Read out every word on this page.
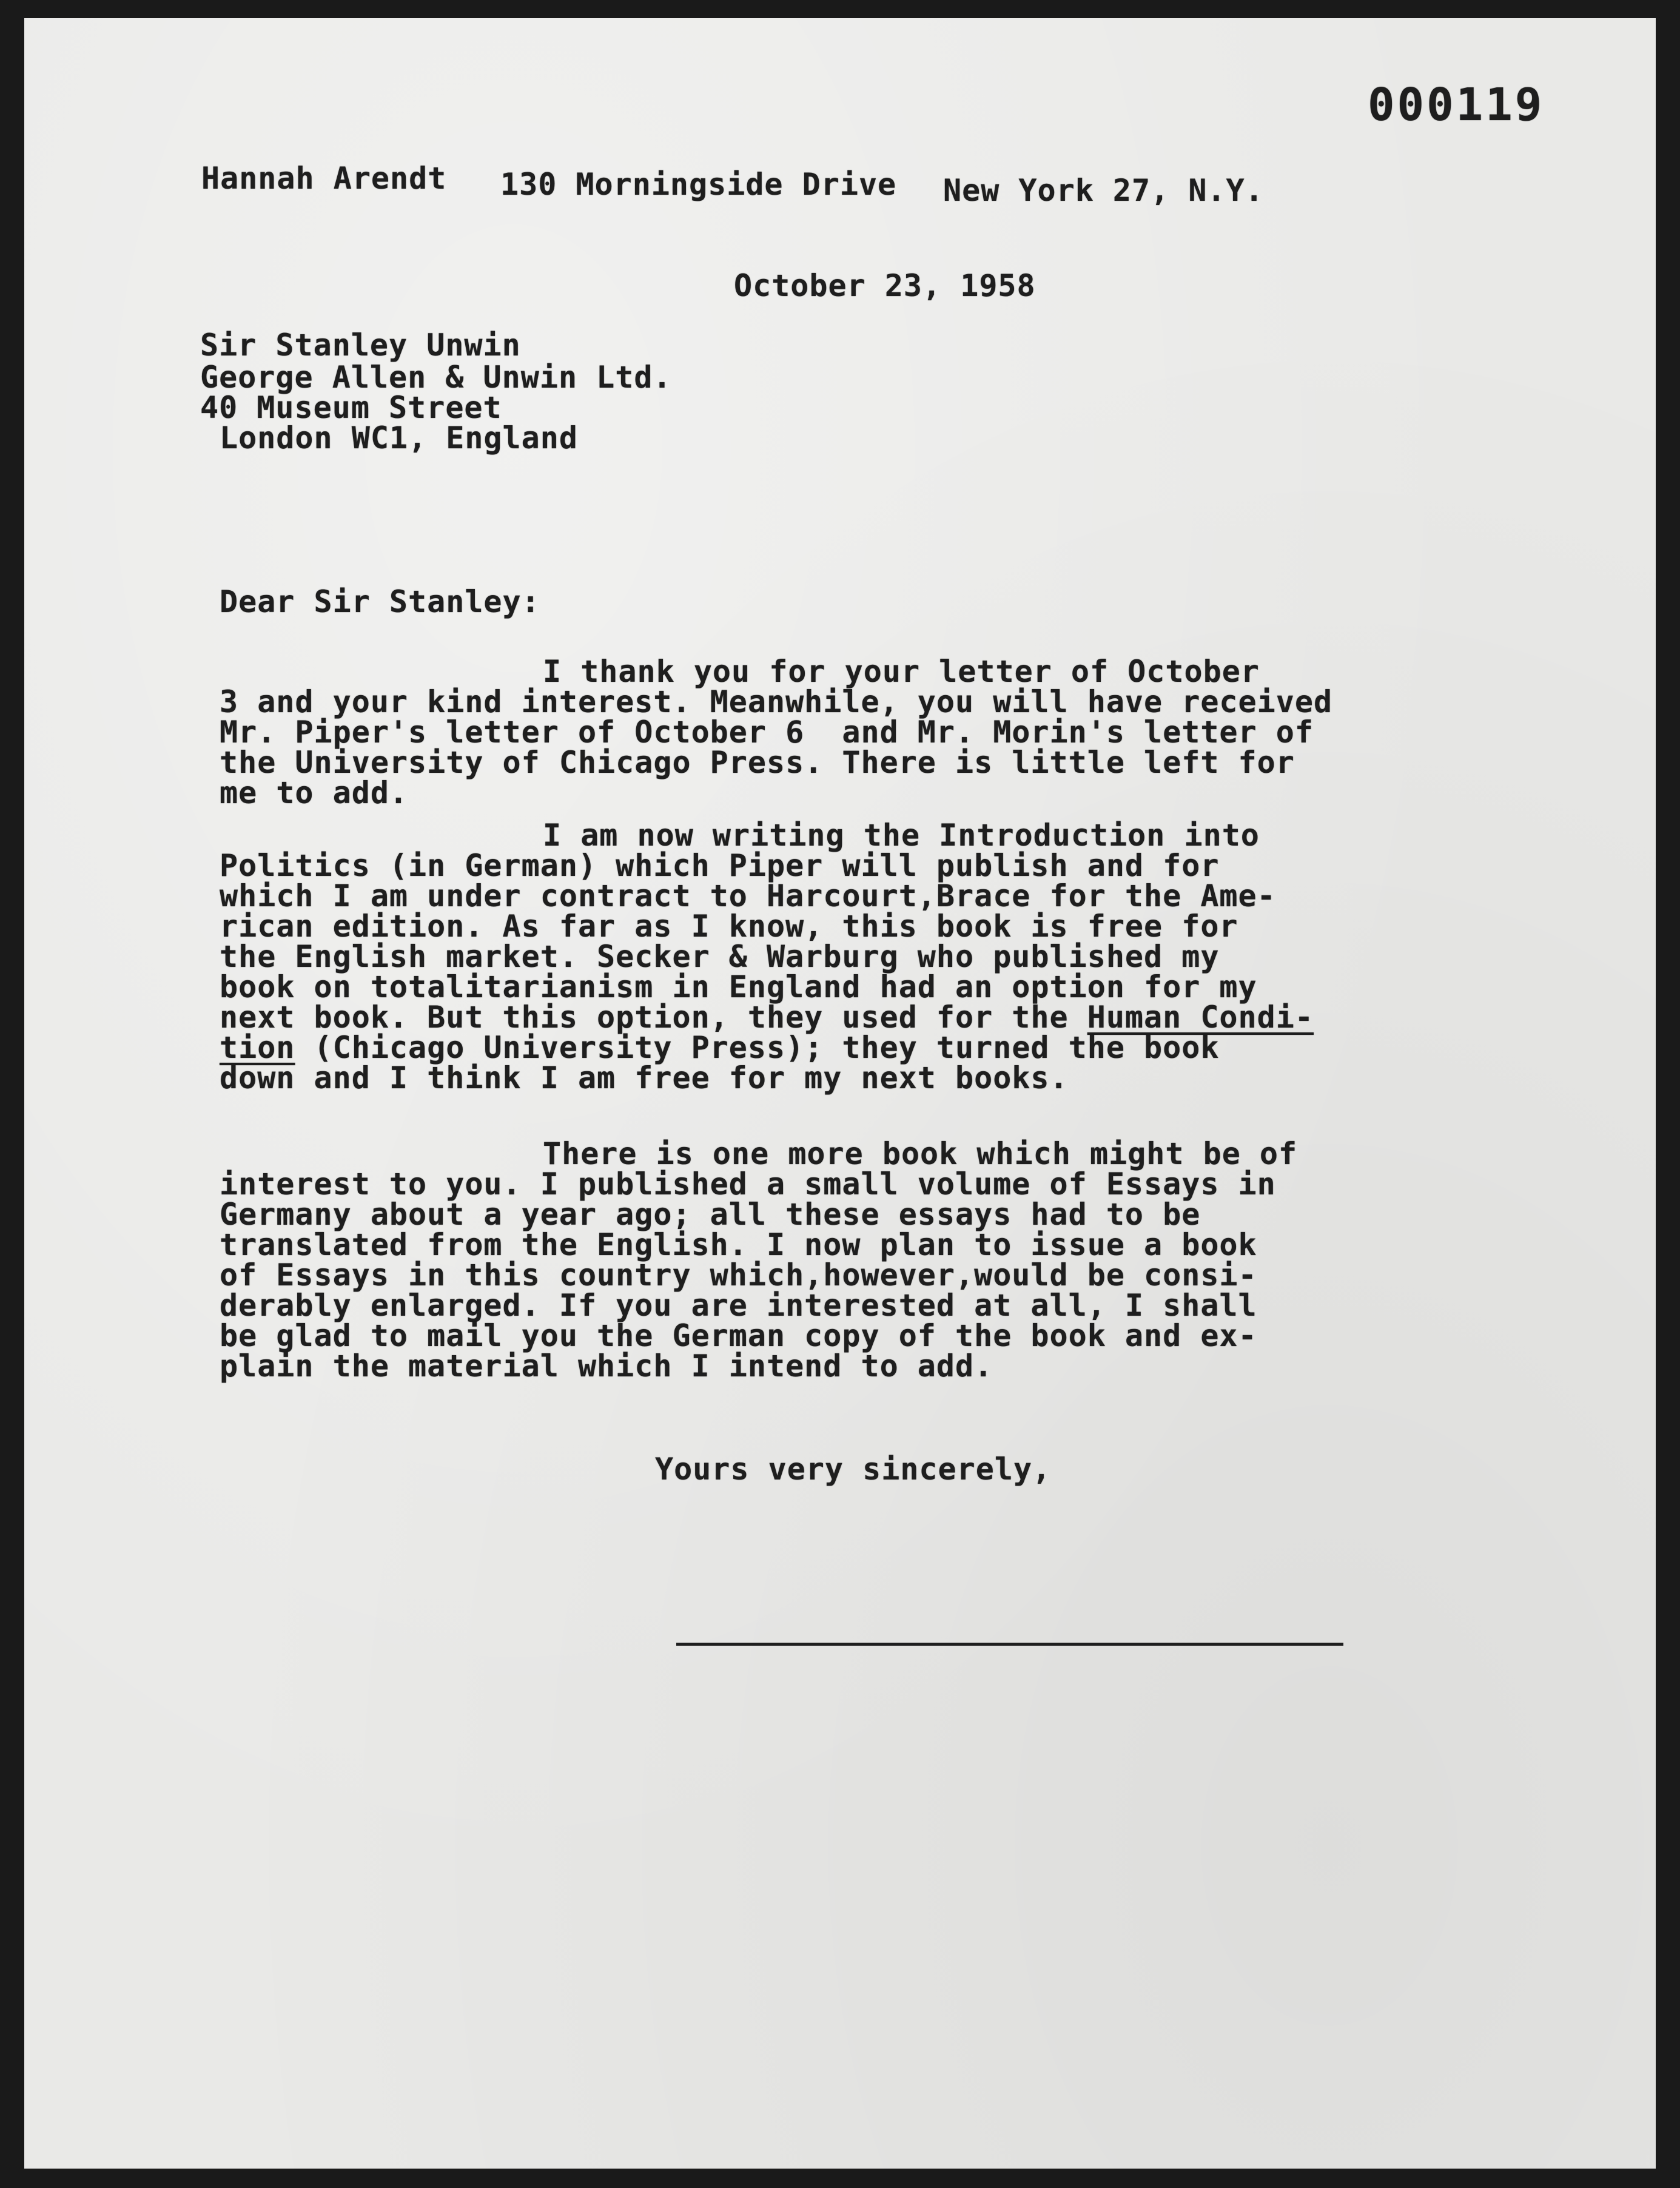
000119
Hannah Arendt 130 Morningside Drive New York 27, N.Y.
October 23, 1958
Sir Stanley Unwin
George Allen & Unwin Ltd.
40 Museum Street
London WC1, England
Dear Sir Stanley:
I thank you for your letter of October
3 and your kind interest. Meanwhile, you will have received
Mr. Piper's letter of October 6  and Mr. Morin's letter of
the University of Chicago Press. There is little left for
me to add.
I am now writing the Introduction into
Politics (in German) which Piper will publish and for
which I am under contract to Harcourt,Brace for the Ame-
rican edition. As far as I know, this book is free for
the English market. Secker & Warburg who published my
book on totalitarianism in England had an option for my
next book. But this option, they used for the Human Condi-
tion (Chicago University Press); they turned the book
down and I think I am free for my next books.
There is one more book which might be of
interest to you. I published a small volume of Essays in
Germany about a year ago; all these essays had to be
translated from the English. I now plan to issue a book
of Essays in this country which,however,would be consi-
derably enlarged. If you are interested at all, I shall
be glad to mail you the German copy of the book and ex-
plain the material which I intend to add.
Yours very sincerely,
